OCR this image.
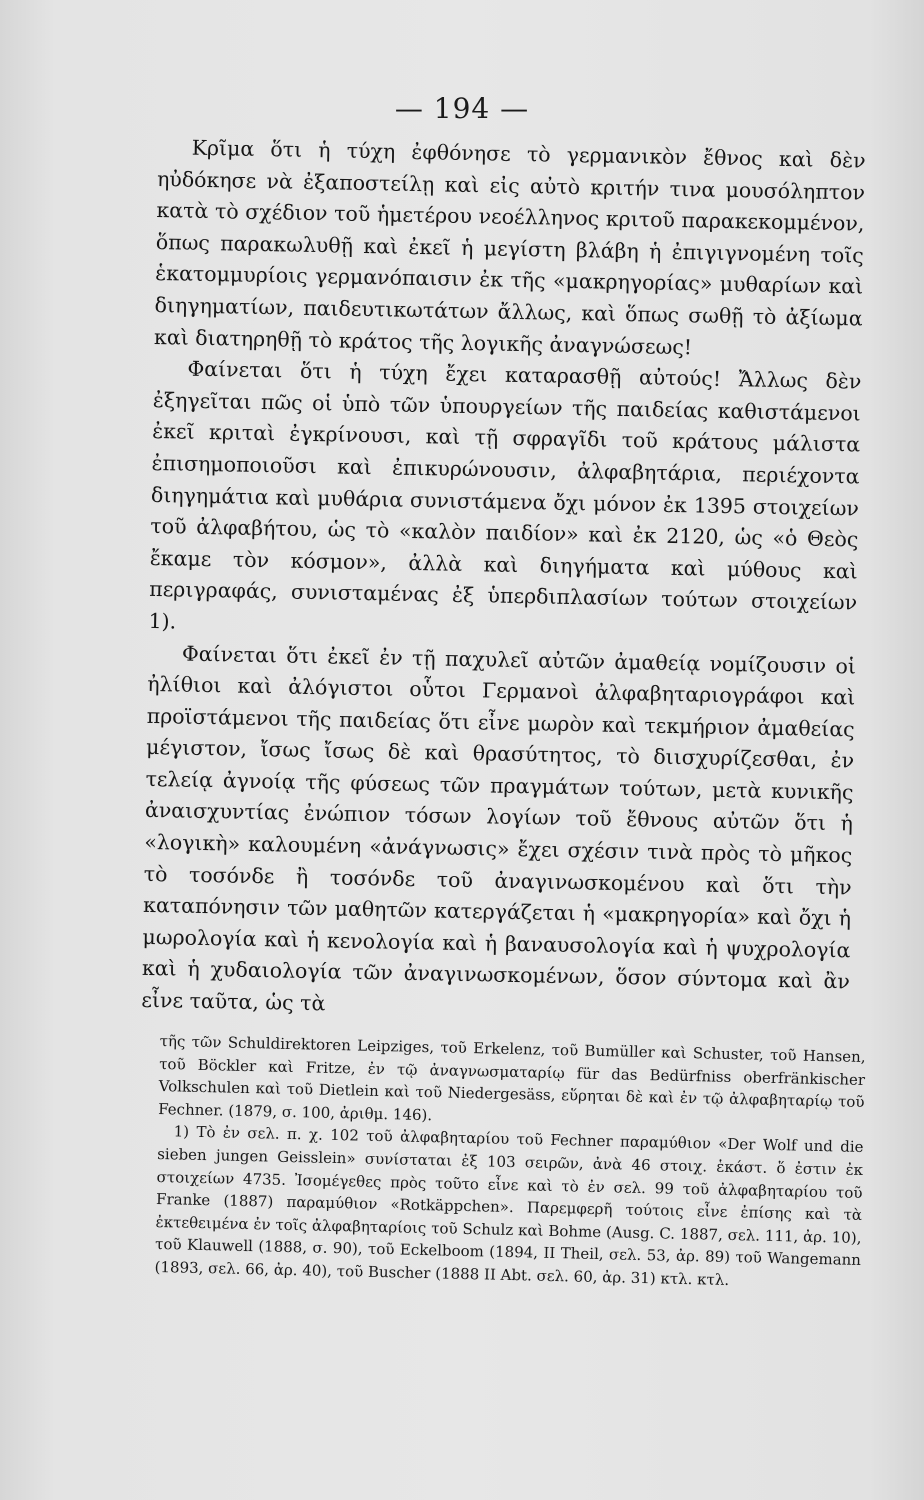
— 194 —

Κρῖμα ὅτι ἡ τύχη ἐφθόνησε τὸ γερμανικὸν ἔθνος καὶ δὲν ηὐδόκησε νὰ ἐξαποστείλῃ καὶ εἰς αὐτὸ κριτήν τινα μουσόληπτον κατὰ τὸ σχέδιον τοῦ ἡμετέρου νεοέλληνος κριτοῦ παρακεκομμένον, ὅπως παρακωλυθῇ καὶ ἐκεῖ ἡ μεγίστη βλάβη ἡ ἐπιγιγνομένη τοῖς ἑκατομμυρίοις γερμανόπαισιν ἐκ τῆς «μακρηγορίας» μυθαρίων καὶ διηγηματίων, παιδευτικωτάτων ἄλλως, καὶ ὅπως σωθῇ τὸ ἀξίωμα καὶ διατηρηθῇ τὸ κράτος τῆς λογικῆς ἀναγνώσεως!

Φαίνεται ὅτι ἡ τύχη ἔχει καταρασθῇ αὐτούς! Ἄλλως δὲν ἐξηγεῖται πῶς οἱ ὑπὸ τῶν ὑπουργείων τῆς παιδείας καθιστάμενοι ἐκεῖ κριταὶ ἐγκρίνουσι, καὶ τῇ σφραγῖδι τοῦ κράτους μάλιστα ἐπισημοποιοῦσι καὶ ἐπικυρώνουσιν, ἀλφαβητάρια, περιέχοντα διηγημάτια καὶ μυθάρια συνιστάμενα ὄχι μόνον ἐκ 1395 στοιχείων τοῦ ἀλφαβήτου, ὡς τὸ «καλὸν παιδίον» καὶ ἐκ 2120, ὡς «ὁ Θεὸς ἔκαμε τὸν κόσμον», ἀλλὰ καὶ διηγήματα καὶ μύθους καὶ περιγραφάς, συνισταμένας ἐξ ὑπερδιπλασίων τούτων στοιχείων 1).

Φαίνεται ὅτι ἐκεῖ ἐν τῇ παχυλεῖ αὐτῶν ἀμαθείᾳ νομίζουσιν οἱ ἠλίθιοι καὶ ἀλόγιστοι οὗτοι Γερμανοὶ ἀλφαβηταριογράφοι καὶ προϊστάμενοι τῆς παιδείας ὅτι εἶνε μωρὸν καὶ τεκμήριον ἀμαθείας μέγιστον, ἴσως ἴσως δὲ καὶ θρασύτητος, τὸ διισχυρίζεσθαι, ἐν τελείᾳ ἀγνοίᾳ τῆς φύσεως τῶν πραγμάτων τούτων, μετὰ κυνικῆς ἀναισχυντίας ἐνώπιον τόσων λογίων τοῦ ἔθνους αὐτῶν ὅτι ἡ «λογικὴ» καλουμένη «ἀνάγνωσις» ἔχει σχέσιν τινὰ πρὸς τὸ μῆκος τὸ τοσόνδε ἢ τοσόνδε τοῦ ἀναγινωσκομένου καὶ ὅτι τὴν καταπόνησιν τῶν μαθητῶν κατεργάζεται ἡ «μακρηγορία» καὶ ὄχι ἡ μωρολογία καὶ ἡ κενολογία καὶ ἡ βαναυσολογία καὶ ἡ ψυχρολογία καὶ ἡ χυδαιολογία τῶν ἀναγινωσκομένων, ὅσον σύντομα καὶ ἂν εἶνε ταῦτα, ὡς τὰ

τῆς τῶν Schuldirektoren Leipziges, τοῦ Erkelenz, τοῦ Bumüller καὶ Schuster, τοῦ Hansen, τοῦ Böckler καὶ Fritze, ἐν τῷ ἀναγνωσματαρίῳ für das Bedürfniss oberfränkischer Volkschulen καὶ τοῦ Dietlein καὶ τοῦ Niedergesäss, εὕρηται δὲ καὶ ἐν τῷ ἀλφαβηταρίῳ τοῦ Fechner. (1879, σ. 100, ἀριθμ. 146).

1) Τὸ ἐν σελ. π. χ. 102 τοῦ ἀλφαβηταρίου τοῦ Fechner παραμύθιον «Der Wolf und die sieben jungen Geisslein» συνίσταται ἐξ 103 σειρῶν, ἀνὰ 46 στοιχ. ἑκάστ. ὅ ἐστιν ἐκ στοιχείων 4735. Ἰσομέγεθες πρὸς τοῦτο εἶνε καὶ τὸ ἐν σελ. 99 τοῦ ἀλφαβηταρίου τοῦ Franke (1887) παραμύθιον «Rotkäppchen». Παρεμφερῆ τούτοις εἶνε ἐπίσης καὶ τὰ ἐκτεθειμένα ἐν τοῖς ἀλφαβηταρίοις τοῦ Schulz καὶ Bohme (Ausg. C. 1887, σελ. 111, ἀρ. 10), τοῦ Klauwell (1888, σ. 90), τοῦ Eckelboom (1894, II Theil, σελ. 53, ἀρ. 89) τοῦ Wangemann (1893, σελ. 66, ἀρ. 40), τοῦ Buscher (1888 II Abt. σελ. 60, ἀρ. 31) κτλ. κτλ.
